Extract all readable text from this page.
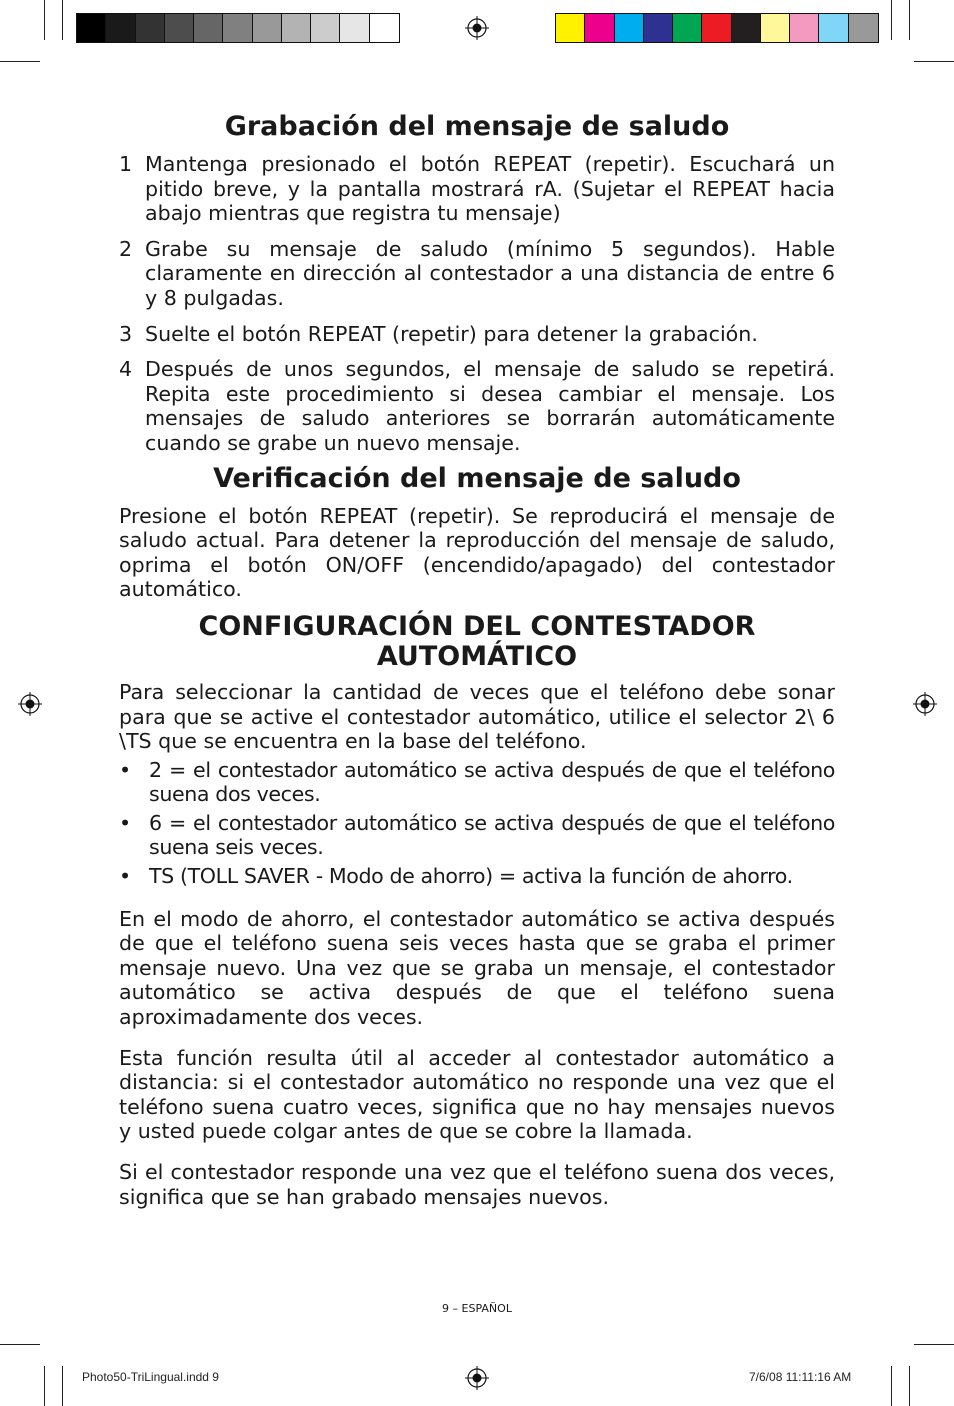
Grabación del mensaje de saludo
1 Mantenga presionado el botón REPEAT (repetir). Escuchará un pitido breve, y la pantalla mostrará rA. (Sujetar el REPEAT hacia abajo mientras que registra tu mensaje)

2 Grabe su mensaje de saludo (mínimo 5 segundos). Hable claramente en dirección al contestador a una distancia de entre 6 y 8 pulgadas.

3 Suelte el botón REPEAT (repetir) para detener la grabación.

4 Después de unos segundos, el mensaje de saludo se repetirá. Repita este procedimiento si desea cambiar el mensaje. Los mensajes de saludo anteriores se borrarán automáticamente cuando se grabe un nuevo mensaje.

Verificación del mensaje de saludo

Presione el botón REPEAT (repetir). Se reproducirá el mensaje de saludo actual. Para detener la reproducción del mensaje de saludo, oprima el botón ON/OFF (encendido/apagado) del contestador automático.

CONFIGURACIÓN DEL CONTESTADOR
AUTOMÁTICO

Para seleccionar la cantidad de veces que el teléfono debe sonar para que se active el contestador automático, utilice el selector 2\ 6 \TS que se encuentra en la base del teléfono.

• 2 = el contestador automático se activa después de que el teléfono suena dos veces.

• 6 = el contestador automático se activa después de que el teléfono suena seis veces.

• TS (TOLL SAVER - Modo de ahorro) = activa la función de ahorro.

En el modo de ahorro, el contestador automático se activa después de que el teléfono suena seis veces hasta que se graba el primer mensaje nuevo. Una vez que se graba un mensaje, el contestador automático se activa después de que el teléfono suena aproximadamente dos veces.

Esta función resulta útil al acceder al contestador automático a distancia: si el contestador automático no responde una vez que el teléfono suena cuatro veces, significa que no hay mensajes nuevos y usted puede colgar antes de que se cobre la llamada.

Si el contestador responde una vez que el teléfono suena dos veces, significa que se han grabado mensajes nuevos.

9 – ESPAÑOL
Photo50-TriLingual.indd 9	7/6/08 11:11:16 AM
